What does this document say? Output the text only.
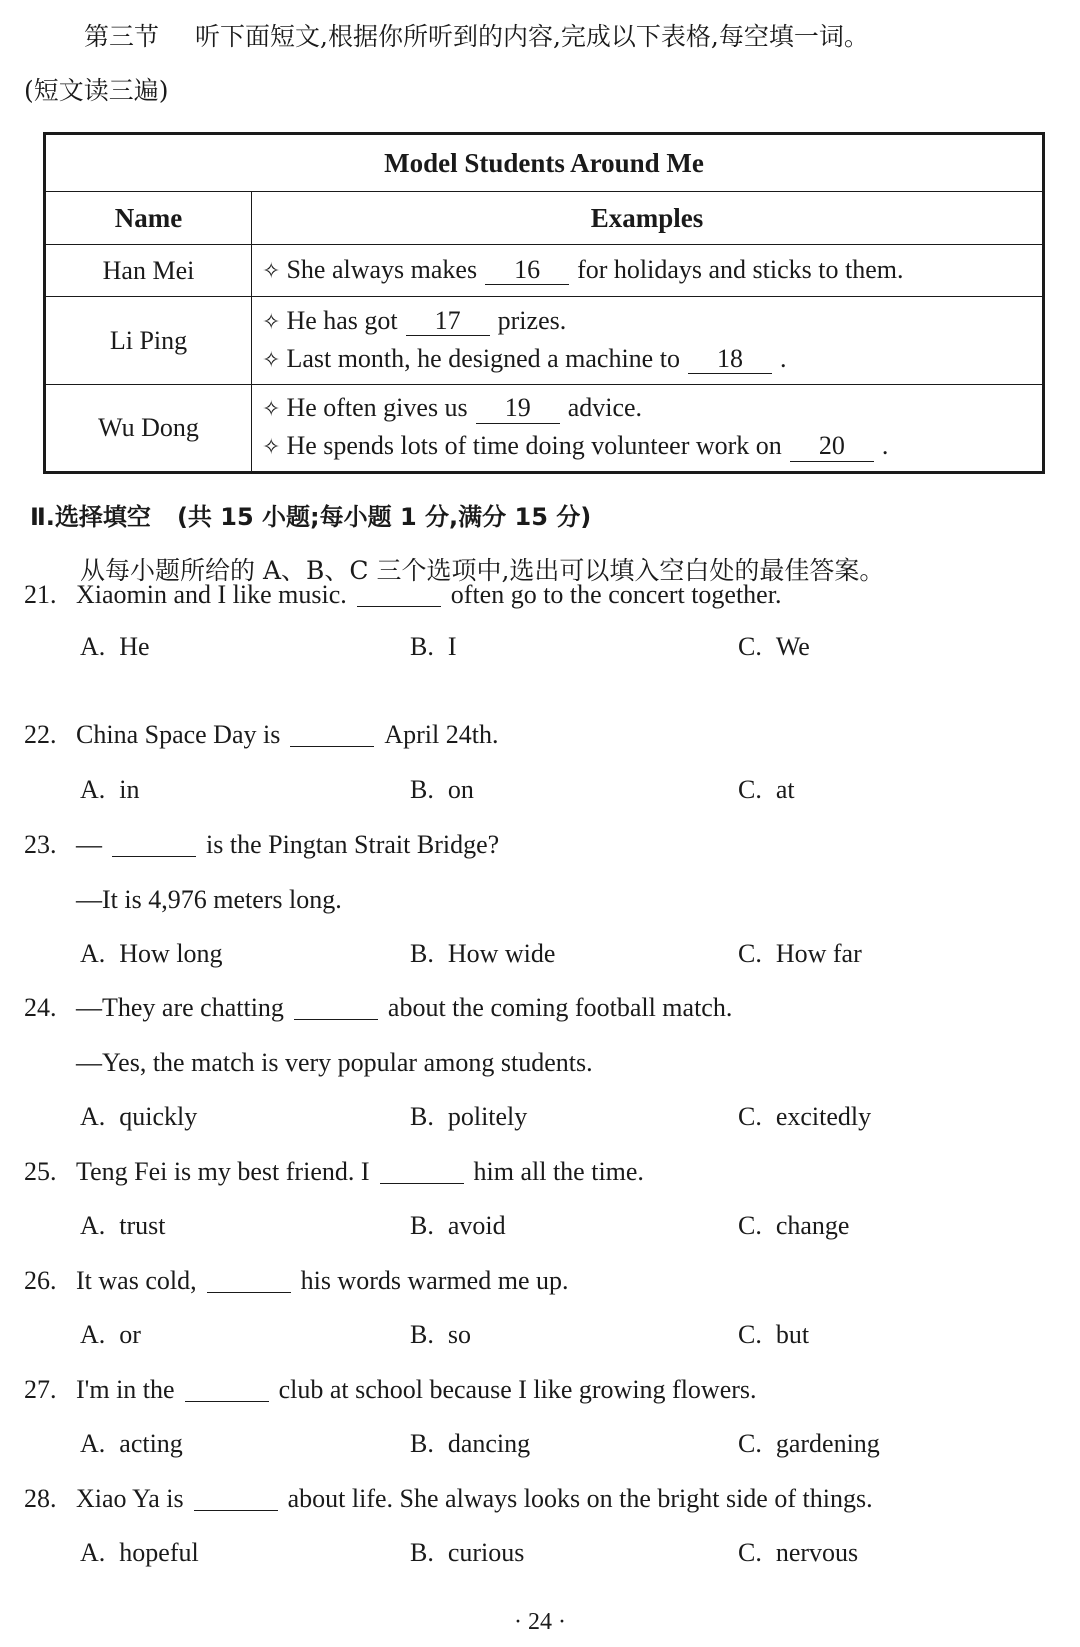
第三节 听下面短文,根据你所听到的内容,完成以下表格,每空填一词。
(短文读三遍)
Model Students Around Me	
Name	Examples
Han Mei	✧ She always makes 16 for holidays and sticks to them.

Li Ping	✧ He has got 17 prizes.
✧ Last month, he designed a machine to 18 .

Wu Dong	✧ He often gives us 19 advice.
✧ He spends lots of time doing volunteer work on 20 .
Ⅱ.选择填空 (共 15 小题;每小题 1 分,满分 15 分)
从每小题所给的 A、B、C 三个选项中,选出可以填入空白处的最佳答案。
21. Xiaomin and I like music.	often go to the concert together.
A. He	B. I	C. We
22. China Space Day is	April 24th.
A. in	B. on	C. at
23. —	is the Pingtan Strait Bridge?
—It is 4,976 meters long.
A. How long	B. How wide	C. How far
24. —They are chatting	about the coming football match.
—Yes, the match is very popular among students.
A. quickly	B. politely	C. excitedly
25. Teng Fei is my best friend. I	him all the time.
A. trust	B. avoid	C. change
26. It was cold,	his words warmed me up.
A. or	B. so	C. but
27. I'm in the	club at school because I like growing flowers.
A. acting	B. dancing	C. gardening
28. Xiao Ya is	about life. She always looks on the bright side of things.
A. hopeful	B. curious	C. nervous
· 24 ·
